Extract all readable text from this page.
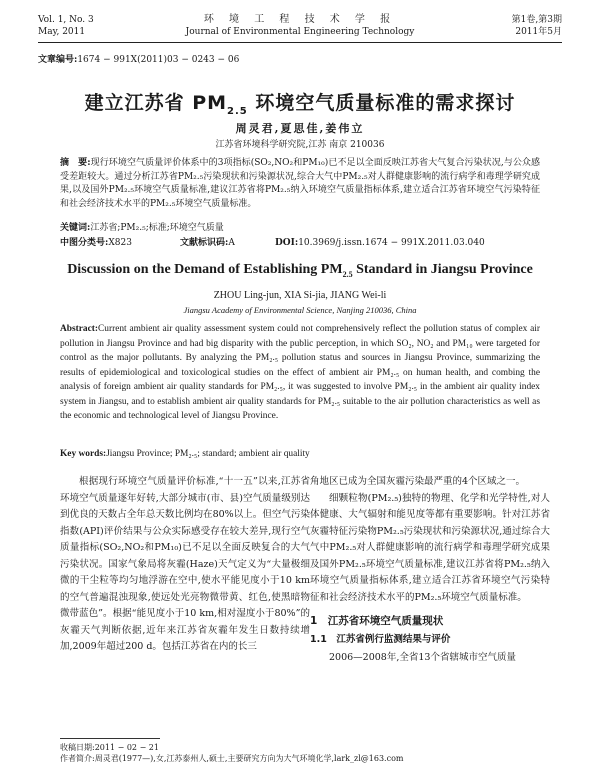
Vol. 1, No. 3
May, 2011
环 境 工 程 技 术 学 报
Journal of Environmental Engineering Technology
第1卷,第3期
2011年5月
文章编号:1674 − 991X(2011)03 − 0243 − 06
建立江苏省 $PM_{2.5}$ 环境空气质量标准的需求探讨
周灵君,夏思佳,姜伟立
江苏省环境科学研究院,江苏 南京 210036
摘　要:现行环境空气质量评价体系中的3项指标(SO₂,NO₂和PM₁₀)已不足以全面反映江苏省大气复合污染状况,与公众感受差距较大。通过分析江苏省PM₂.₅污染现状和污染源状况,综合大气中PM₂.₅对人群健康影响的流行病学和毒理学研究成果,以及国外PM₂.₅环境空气质量标准,建议江苏省将PM₂.₅纳入环境空气质量指标体系,建立适合江苏省环境空气污染特征和社会经济技术水平的PM₂.₅环境空气质量标准。
关键词:江苏省;PM₂.₅;标准;环境空气质量
中图分类号:X823	文献标识码:A	DOI:10.3969/j.issn.1674 − 991X.2011.03.040
Discussion on the Demand of Establishing $PM_{2.5}$ Standard in Jiangsu Province
ZHOU Ling-jun, XIA Si-jia, JIANG Wei-li
Jiangsu Academy of Environmental Science, Nanjing 210036, China
Abstract:Current ambient air quality assessment system could not comprehensively reflect the pollution status of complex air pollution in Jiangsu Province and had big disparity with the public perception, in which SO₂, NO₂ and PM₁₀ were targeted for control as the major pollutants. By analyzing the PM₂.₅ pollution status and sources in Jiangsu Province, summarizing the results of epidemiological and toxicological studies on the effect of ambient air PM₂.₅ on human health, and combing the analysis of foreign ambient air quality standards for PM₂.₅, it was suggested to involve PM₂.₅ in the ambient air quality index system in Jiangsu, and to establish ambient air quality standards for PM₂.₅ suitable to the air pollution characteristics as well as the economic and technological level of Jiangsu Province.
Key words:Jiangsu Province; PM₂.₅; standard; ambient air quality

根据现行环境空气质量评价标准,“十一五”以来,江苏省环境空气质量逐年好转,大部分城市(市、县)空气质量级别达到优良的天数占全年总天数比例均在80%以上。但空气污染指数(API)评价结果与公众实际感受存在较大差异,现行空气质量指标(SO₂,NO₂和PM₁₀)已不足以全面反映复合的大气污染状况。国家气象局将灰霾(Haze)天气定义为“大量极细微的干尘粒等均匀地浮游在空中,使水平能见度小于10 km的空气普遍混浊现象,使远处光亮物微带黄、红色,使黑暗物微带蓝色”。根据“能见度小于10 km,相对湿度小于80%”的灰霾天气判断依据,近年来江苏省灰霾年发生日数持续增加,2009年超过200 d。包括江苏省在内的长三

角地区已成为全国灰霾污染最严重的4个区域之一。

细颗粒物(PM₂.₅)独特的物理、化学和光学特性,对人体健康、大气辐射和能见度等都有重要影响。针对江苏省灰霾特征污染物PM₂.₅污染现状和污染源状况,通过综合大气中PM₂.₅对人群健康影响的流行病学和毒理学研究成果及国外PM₂.₅环境空气质量标准,建议江苏省将PM₂.₅纳入环境空气质量指标体系,建立适合江苏省环境空气污染特征和社会经济技术水平的PM₂.₅环境空气质量标准。

1　江苏省环境空气质量现状
1.1　江苏省例行监测结果与评价

2006—2008年,全省13个省辖城市空气质量

收稿日期:2011 − 02 − 21
作者简介:周灵君(1977—),女,江苏泰州人,硕士,主要研究方向为大气环境化学,lark_zl@163.com
